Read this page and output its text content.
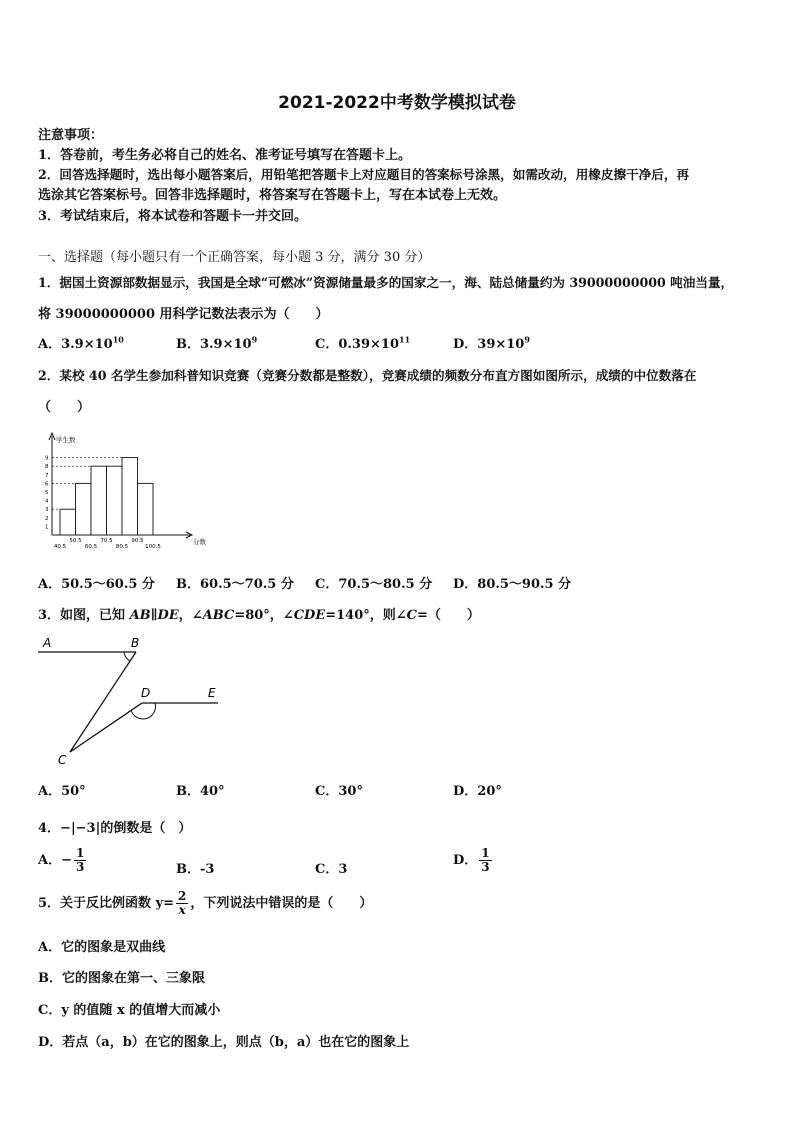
2021-2022中考数学模拟试卷
注意事项：
1．答卷前，考生务必将自己的姓名、准考证号填写在答题卡上。
2．回答选择题时，选出每小题答案后，用铅笔把答题卡上对应题目的答案标号涂黑，如需改动，用橡皮擦干净后，再
选涂其它答案标号。回答非选择题时，将答案写在答题卡上，写在本试卷上无效。
3．考试结束后，将本试卷和答题卡一并交回。
一、选择题（每小题只有一个正确答案，每小题 3 分，满分 30 分）
1．据国土资源部数据显示，我国是全球“可燃冰”资源储量最多的国家之一，海、陆总储量约为 39000000000 吨油当量，
将 39000000000 用科学记数法表示为（　　）
A．$3.9\times 10^{10}$	B．$3.9\times 10^9$	C．$0.39\times 10^{11}$	D．$39\times 10^9$
2．某校 40 名学生参加科普知识竞赛（竞赛分数都是整数），竞赛成绩的频数分布直方图如图所示，成绩的中位数落在
（　　）
学生数
分数
1
2
3
4
5
6
7
8
9
40.5
50.5
60.5
70.5
80.5
90.5
100.5
A．50.5～60.5 分 B．60.5～70.5 分 C．70.5～80.5 分 D．80.5～90.5 分
3．如图，已知 AB∥DE，∠ABC=80°，∠CDE=140°，则∠C=（　　）
A	B
C
D	E
A．50°	B．40°	C．30°	D．20°
4．−|−3|的倒数是（　）
A．− $\frac{1}{3}$	B．-3	C．3
D． $\frac{1}{3}$
5．关于反比例函数 $y= \frac{2}{x}$ ，下列说法中错误的是（　　）
A．它的图象是双曲线
B．它的图象在第一、三象限
C．y 的值随 x 的值增大而减小
D．若点（a，b）在它的图象上，则点（b，a）也在它的图象上
